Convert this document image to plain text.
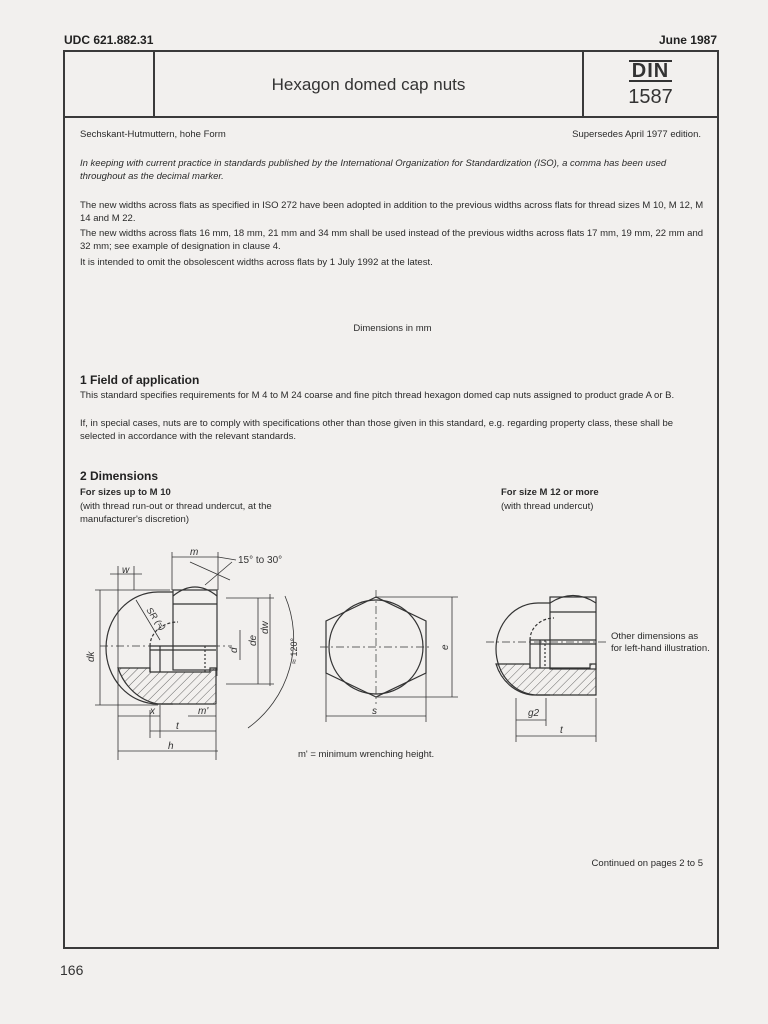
UDC 621.882.31	June 1987
Hexagon domed cap nuts
DIN
1587
Sechskant-Hutmuttern, hohe Form	Supersedes April 1977 edition.
In keeping with current practice in standards published by the International Organization for Standardization (ISO), a comma has been used throughout as the decimal marker.
The new widths across flats as specified in ISO 272 have been adopted in addition to the previous widths across flats for thread sizes M 10, M 12, M 14 and M 22.
The new widths across flats 16 mm, 18 mm, 21 mm and 34 mm shall be used instead of the previous widths across flats 17 mm, 19 mm, 22 mm and 32 mm; see example of designation in clause 4.
It is intended to omit the obsolescent widths across flats by 1 July 1992 at the latest.
Dimensions in mm
1 Field of application
This standard specifies requirements for M 4 to M 24 coarse and fine pitch thread hexagon domed cap nuts assigned to product grade A or B.
If, in special cases, nuts are to comply with specifications other than those given in this standard, e.g. regarding property class, these shall be selected in accordance with the relevant standards.
2 Dimensions
For sizes up to M 10
(with thread run-out or thread undercut, at the manufacturer's discretion)
For size M 12 or more
(with thread undercut)
m
w
15° to 30°
SR (≈)
dk
d
de
dw
≈ 120°
x	m'
t
h
e
s	g2
t
Other dimensions as for left-hand illustration.
m' = minimum wrenching height.
Continued on pages 2 to 5
166
